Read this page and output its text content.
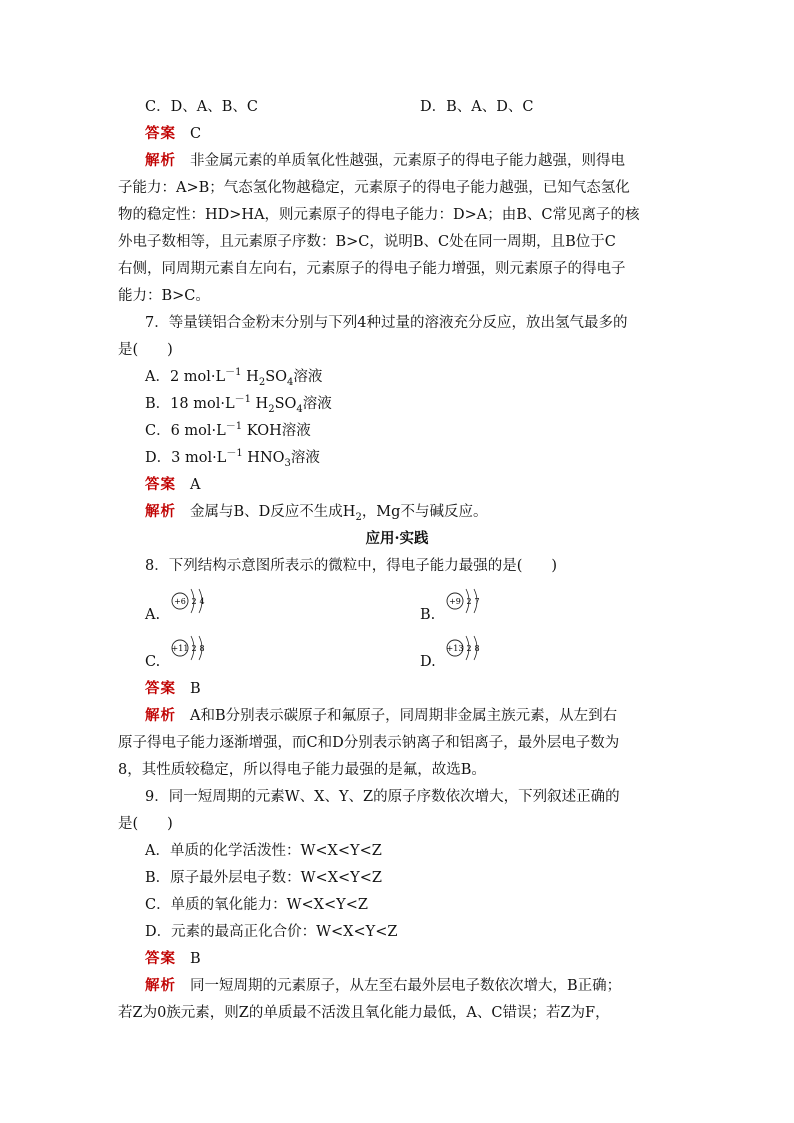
C．D、A、B、C	D．B、A、D、C
答案 C
解析 非金属元素的单质氧化性越强，元素原子的得电子能力越强，则得电
子能力：A>B；气态氢化物越稳定，元素原子的得电子能力越强，已知气态氢化
物的稳定性：HD>HA，则元素原子的得电子能力：D>A；由B、C常见离子的核
外电子数相等，且元素原子序数：B>C，说明B、C处在同一周期，且B位于C
右侧，同周期元素自左向右，元素原子的得电子能力增强，则元素原子的得电子
能力：B>C。
7．等量镁铝合金粉末分别与下列4种过量的溶液充分反应，放出氢气最多的
是(　　)
A．2 $mol\cdot L^{-1}$ $H_2SO_4$溶液
B．18 $mol\cdot L^{-1}$ $H_2SO_4$溶液
C．6 $mol\cdot L^{-1}$ KOH溶液
D．3 $mol\cdot L^{-1}$ $HNO_3$溶液
答案 A
解析 金属与B、D反应不生成$H_2$，Mg不与碱反应。
应用·实践
8．下列结构示意图所表示的微粒中，得电子能力最强的是(　　)
A.	B.
C.	D.
+6 2 4	+9 2 7
+11 2 8	+13 2 8
答案 B
解析 A和B分别表示碳原子和氟原子，同周期非金属主族元素，从左到右
原子得电子能力逐渐增强，而C和D分别表示钠离子和铝离子，最外层电子数为
8，其性质较稳定，所以得电子能力最强的是氟，故选B。
9．同一短周期的元素W、X、Y、Z的原子序数依次增大，下列叙述正确的
是(　　)
A．单质的化学活泼性：W<X<Y<Z
B．原子最外层电子数：W<X<Y<Z
C．单质的氧化能力：W<X<Y<Z
D．元素的最高正化合价：W<X<Y<Z
答案 B
解析 同一短周期的元素原子，从左至右最外层电子数依次增大，B正确；
若Z为0族元素，则Z的单质最不活泼且氧化能力最低，A、C错误；若Z为F，
